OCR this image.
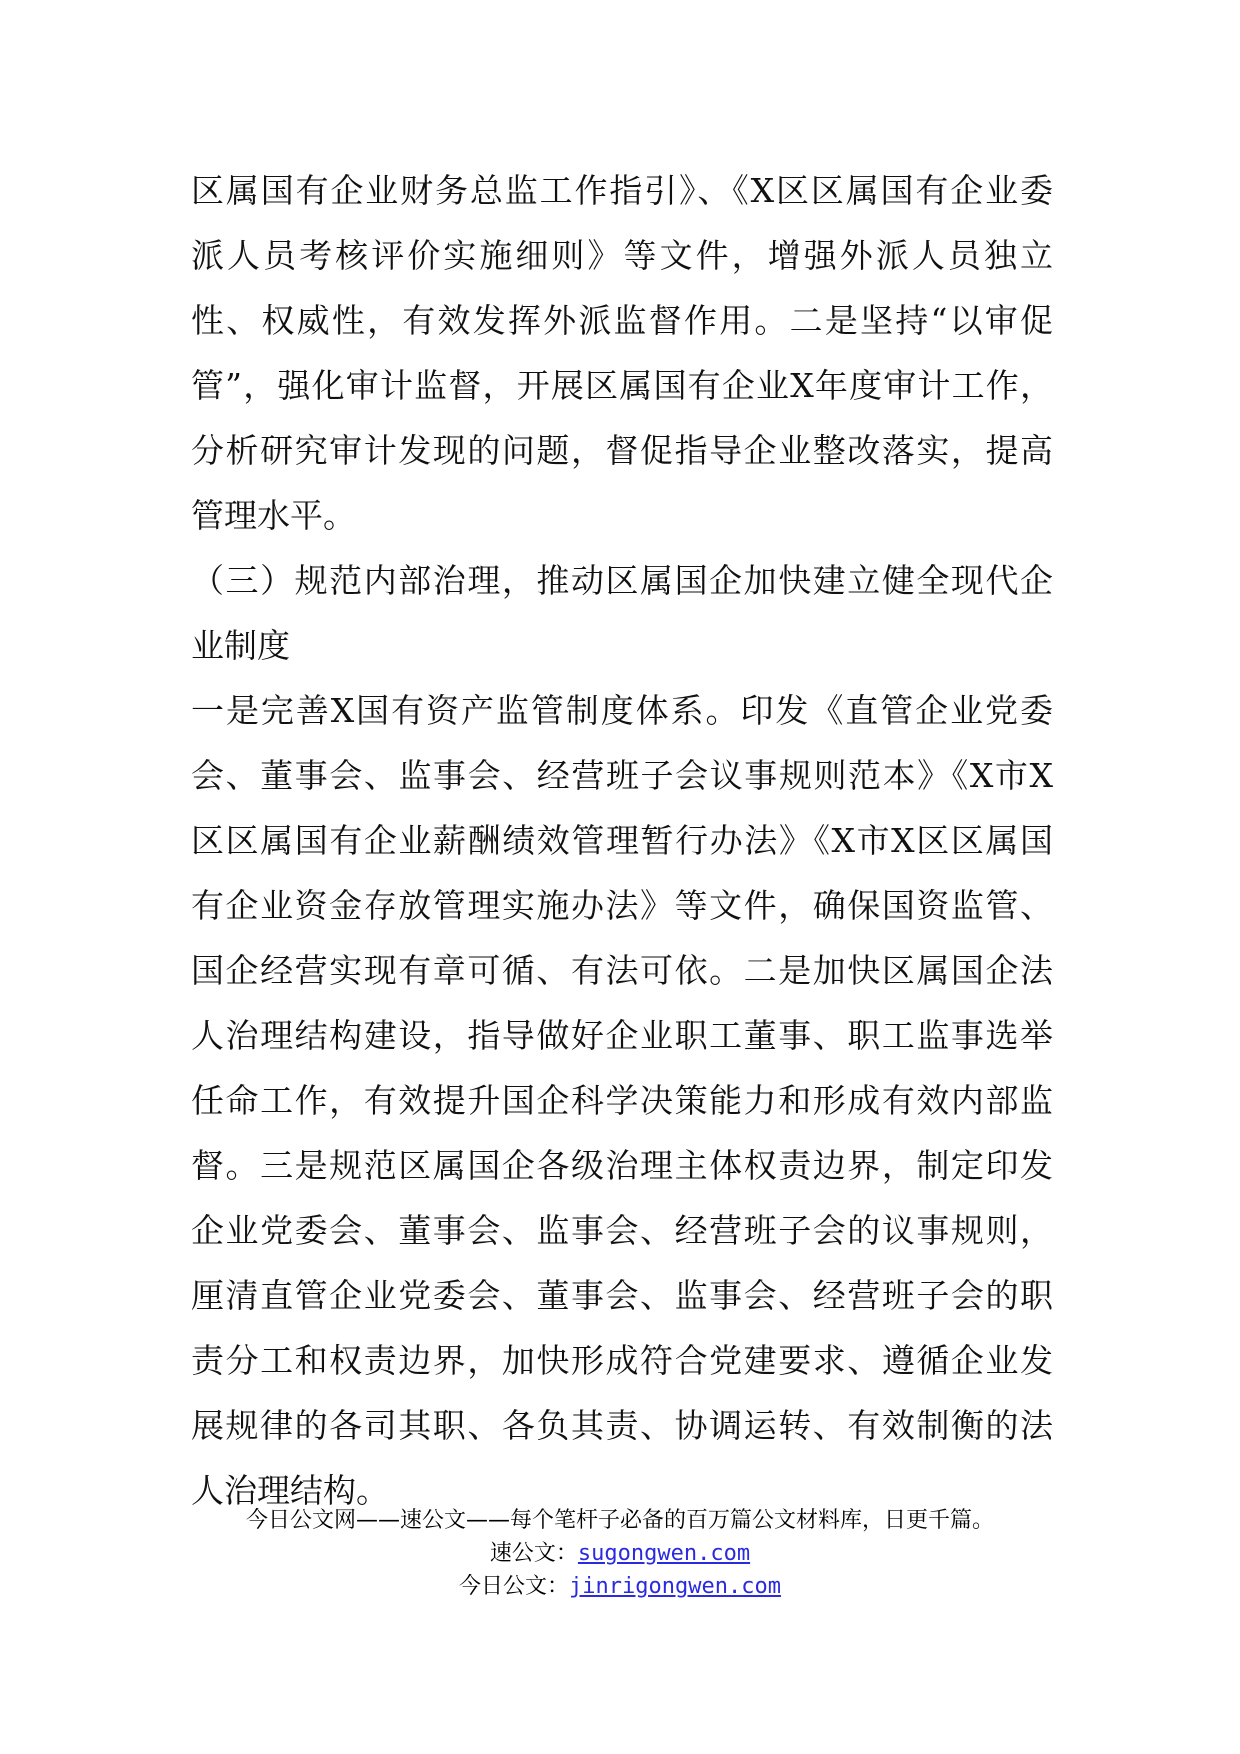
区属国有企业财务总监工作指引》、《X区区属国有企业委
派人员考核评价实施细则》等文件，增强外派人员独立
性、权威性，有效发挥外派监督作用。二是坚持“以审促
管”，强化审计监督，开展区属国有企业X年度审计工作，
分析研究审计发现的问题，督促指导企业整改落实，提高
管理水平。
（三）规范内部治理，推动区属国企加快建立健全现代企
业制度
一是完善X国有资产监管制度体系。印发《直管企业党委
会、董事会、监事会、经营班子会议事规则范本》《X市X
区区属国有企业薪酬绩效管理暂行办法》《X市X区区属国
有企业资金存放管理实施办法》等文件，确保国资监管、
国企经营实现有章可循、有法可依。二是加快区属国企法
人治理结构建设，指导做好企业职工董事、职工监事选举
任命工作，有效提升国企科学决策能力和形成有效内部监
督。三是规范区属国企各级治理主体权责边界，制定印发
企业党委会、董事会、监事会、经营班子会的议事规则，
厘清直管企业党委会、董事会、监事会、经营班子会的职
责分工和权责边界，加快形成符合党建要求、遵循企业发
展规律的各司其职、各负其责、协调运转、有效制衡的法
人治理结构。
今日公文网——速公文——每个笔杆子必备的百万篇公文材料库，日更千篇。
速公文：sugongwen.com
今日公文：jinrigongwen.com
